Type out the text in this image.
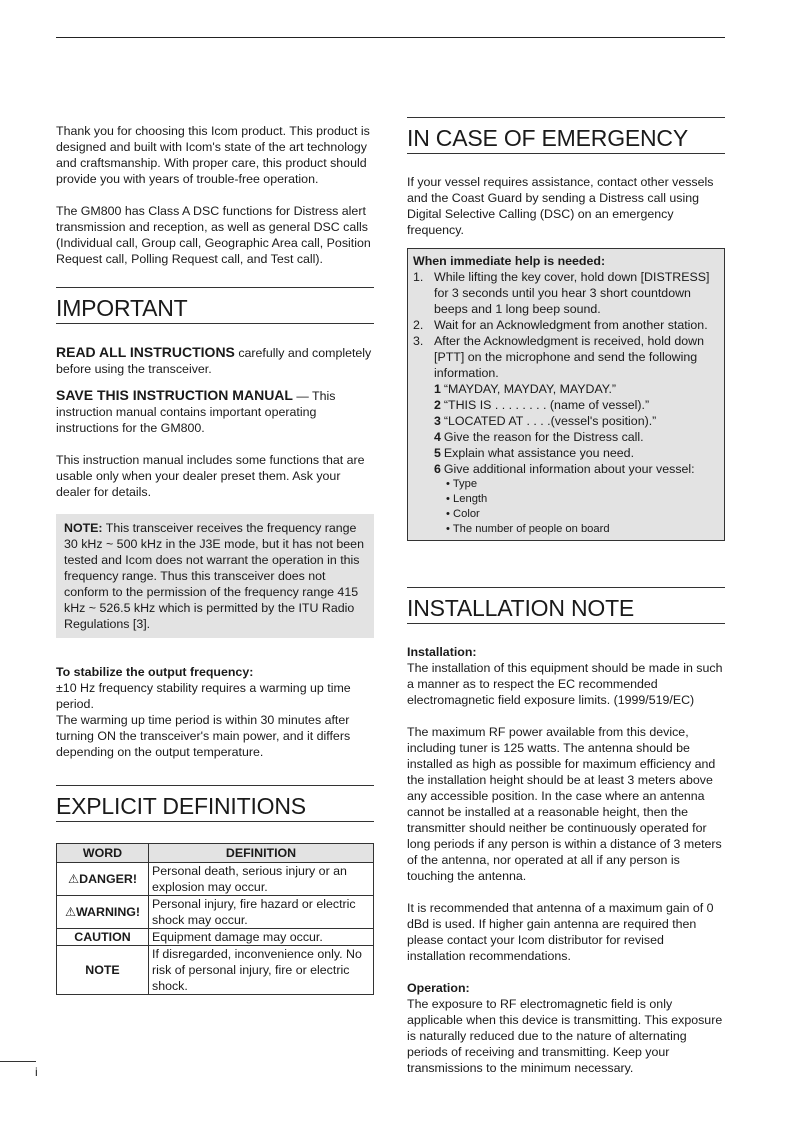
Thank you for choosing this Icom product. This product is designed and built with Icom's state of the art technology and craftsmanship. With proper care, this product should provide you with years of trouble-free operation.

The GM800 has Class A DSC functions for Distress alert transmission and reception, as well as general DSC calls (Individual call, Group call, Geographic Area call, Position Request call, Polling Request call, and Test call).

IMPORTANT

READ ALL INSTRUCTIONS carefully and completely before using the transceiver.

SAVE THIS INSTRUCTION MANUAL — This instruction manual contains important operating instructions for the GM800.

This instruction manual includes some functions that are usable only when your dealer preset them. Ask your dealer for details.

NOTE: This transceiver receives the frequency range 30 kHz ~ 500 kHz in the J3E mode, but it has not been tested and Icom does not warrant the operation in this frequency range. Thus this transceiver does not conform to the permission of the frequency range 415 kHz ~ 526.5 kHz which is permitted by the ITU Radio Regulations [3].

To stabilize the output frequency:

±10 Hz frequency stability requires a warming up time period.

The warming up time period is within 30 minutes after turning ON the transceiver's main power, and it differs depending on the output temperature.

EXPLICIT DEFINITIONS
WORD	DEFINITION
⚠DANGER!	Personal death, serious injury or an explosion may occur.
⚠WARNING!	Personal injury, fire hazard or electric shock may occur.
CAUTION	Equipment damage may occur.
NOTE	If disregarded, inconvenience only. No risk of personal injury, fire or electric shock.
IN CASE OF EMERGENCY

If your vessel requires assistance, contact other vessels and the Coast Guard by sending a Distress call using Digital Selective Calling (DSC) on an emergency frequency.

When immediate help is needed:

1. While lifting the key cover, hold down [DISTRESS] for 3 seconds until you hear 3 short countdown beeps and 1 long beep sound.
2. Wait for an Acknowledgment from another station.
3. After the Acknowledgment is received, hold down [PTT] on the microphone and send the following information.
1 “MAYDAY, MAYDAY, MAYDAY.”
2 “THIS IS . . . . . . . . (name of vessel).”
3 “LOCATED AT . . . .(vessel's position).”
4 Give the reason for the Distress call.
5 Explain what assistance you need.
6 Give additional information about your vessel:
• Type
• Length
• Color
• The number of people on board
INSTALLATION NOTE

Installation:

The installation of this equipment should be made in such a manner as to respect the EC recommended electromagnetic field exposure limits. (1999/519/EC)

The maximum RF power available from this device, including tuner is 125 watts. The antenna should be installed as high as possible for maximum efficiency and the installation height should be at least 3 meters above any accessible position. In the case where an antenna cannot be installed at a reasonable height, then the transmitter should neither be continuously operated for long periods if any person is within a distance of 3 meters of the antenna, nor operated at all if any person is touching the antenna.

It is recommended that antenna of a maximum gain of 0 dBd is used. If higher gain antenna are required then please contact your Icom distributor for revised installation recommendations.

Operation:

The exposure to RF electromagnetic field is only applicable when this device is transmitting. This exposure is naturally reduced due to the nature of alternating periods of receiving and transmitting. Keep your transmissions to the minimum necessary.

i
